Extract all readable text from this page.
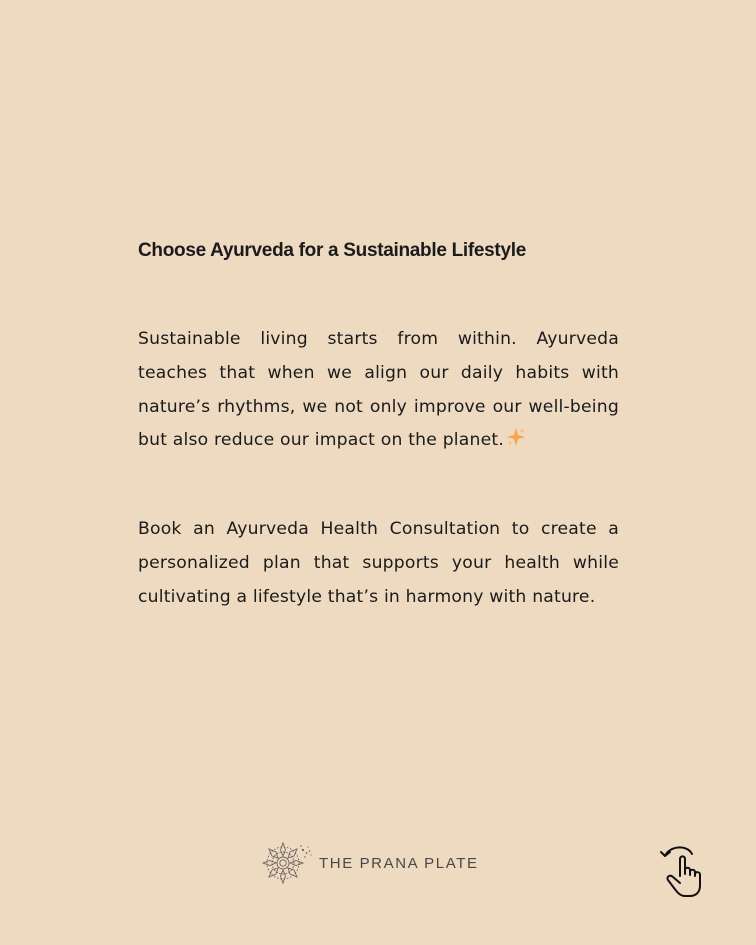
Choose Ayurveda for a Sustainable Lifestyle

Sustainable living starts from within. Ayurveda teaches that when we align our daily habits with nature’s rhythms, we not only improve our well-being but also reduce our impact on the planet.

Book an Ayurveda Health Consultation to create a personalized plan that supports your health while cultivating a lifestyle that’s in harmony with nature.

THE PRANA PLATE
